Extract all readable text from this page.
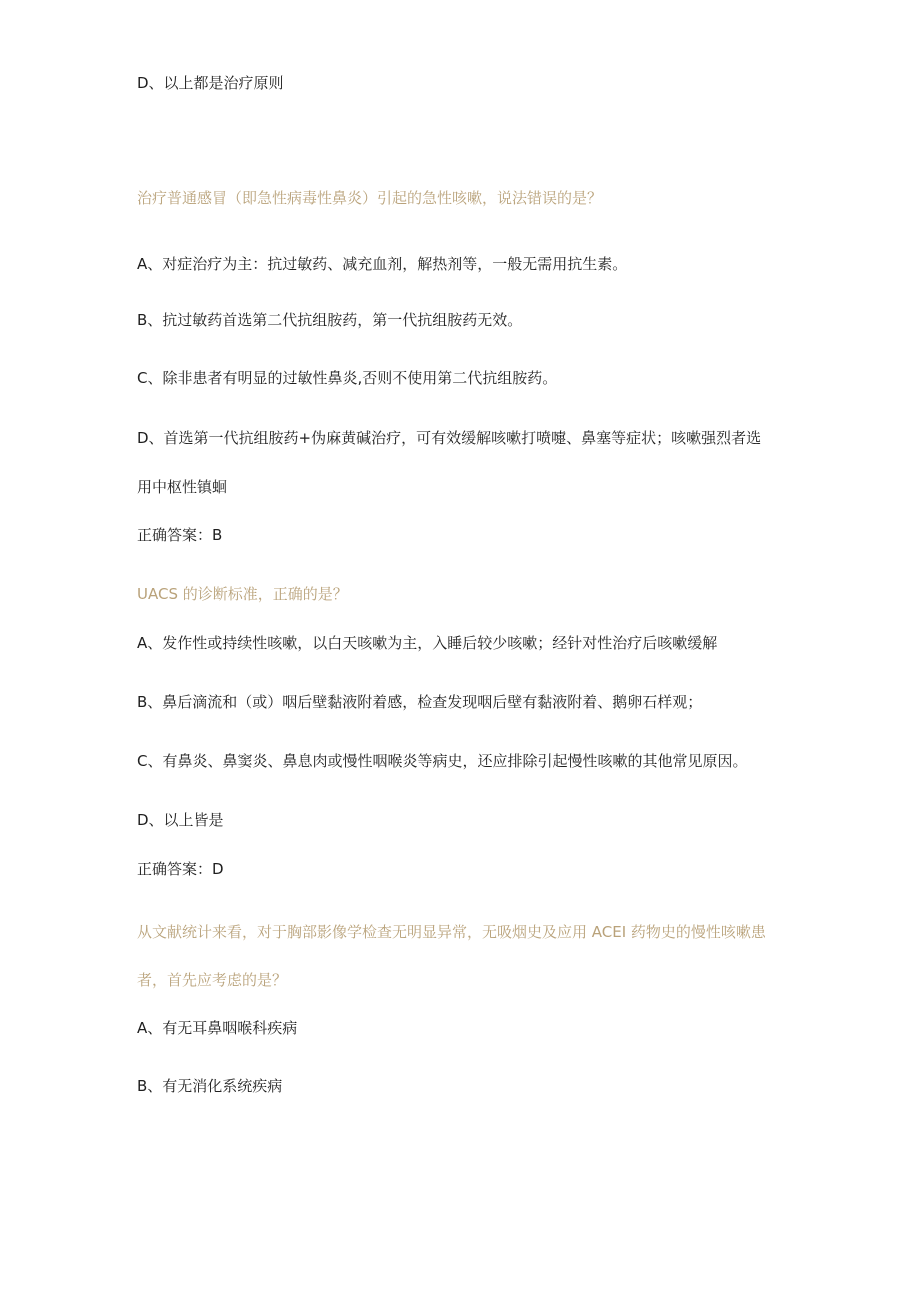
D、以上都是治疗原则
治疗普通感冒（即急性病毒性鼻炎）引起的急性咳嗽，说法错误的是？
A、对症治疗为主：抗过敏药、减充血剂，解热剂等，一般无需用抗生素。
B、抗过敏药首选第二代抗组胺药，第一代抗组胺药无效。
C、除非患者有明显的过敏性鼻炎,否则不使用第二代抗组胺药。
D、首选第一代抗组胺药+伪麻黄碱治疗，可有效缓解咳嗽打喷嚏、鼻塞等症状；咳嗽强烈者选
用中枢性镇蛔
正确答案：B
UACS 的诊断标准，正确的是？
A、发作性或持续性咳嗽，以白天咳嗽为主，入睡后较少咳嗽；经针对性治疗后咳嗽缓解
B、鼻后滴流和（或）咽后壁黏液附着感，检查发现咽后壁有黏液附着、鹅卵石样观；
C、有鼻炎、鼻窦炎、鼻息肉或慢性咽喉炎等病史，还应排除引起慢性咳嗽的其他常见原因。
D、以上皆是
正确答案：D
从文献统计来看，对于胸部影像学检查无明显异常，无吸烟史及应用 ACEI 药物史的慢性咳嗽患
者，首先应考虑的是？
A、有无耳鼻咽喉科疾病
B、有无消化系统疾病
